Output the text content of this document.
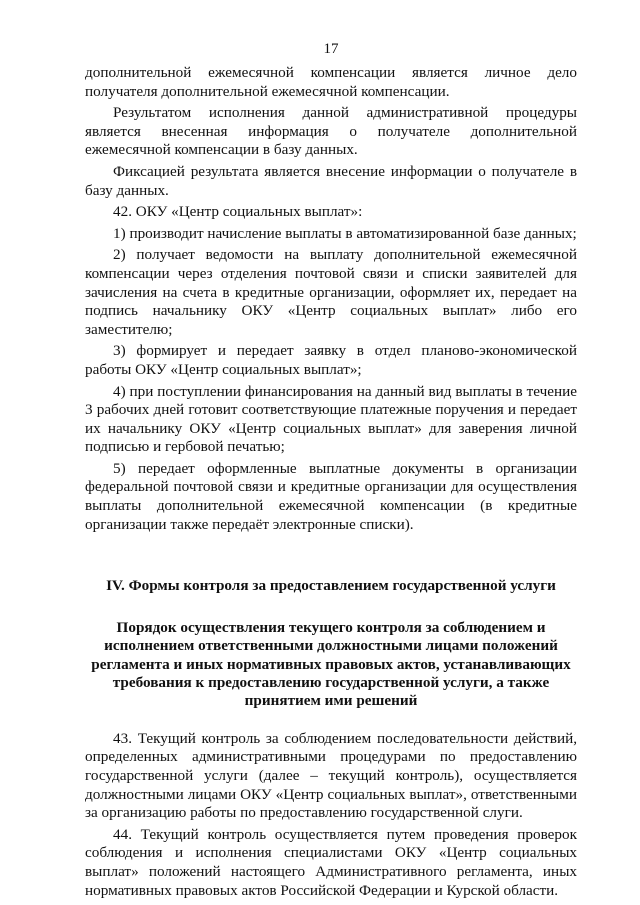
17

дополнительной ежемесячной компенсации является личное дело получателя дополнительной ежемесячной компенсации.

Результатом исполнения данной административной процедуры является внесенная информация о получателе дополнительной ежемесячной компенсации в базу данных.

Фиксацией результата является внесение информации о получателе в базу данных.

42. ОКУ «Центр социальных выплат»:

1) производит начисление выплаты в автоматизированной базе данных;

2) получает ведомости на выплату дополнительной ежемесячной компенсации через отделения почтовой связи и списки заявителей для зачисления на счета в кредитные организации, оформляет их, передает на подпись начальнику ОКУ «Центр социальных выплат» либо его заместителю;

3) формирует и передает заявку в отдел планово-экономической работы ОКУ «Центр социальных выплат»;

4) при поступлении финансирования на данный вид выплаты в течение 3 рабочих дней готовит соответствующие платежные поручения и передает их начальнику ОКУ «Центр социальных выплат» для заверения личной подписью и гербовой печатью;

5) передает оформленные выплатные документы в организации федеральной почтовой связи и кредитные организации для осуществления выплаты дополнительной ежемесячной компенсации (в кредитные организации также передаёт электронные списки).

IV. Формы контроля за предоставлением государственной услуги
Порядок осуществления текущего контроля за соблюдением и
исполнением ответственными должностными лицами положений
регламента и иных нормативных правовых актов, устанавливающих
требования к предоставлению государственной услуги, а также
принятием ими решений

43. Текущий контроль за соблюдением последовательности действий, определенных административными процедурами по предоставлению государственной услуги (далее – текущий контроль), осуществляется должностными лицами ОКУ «Центр социальных выплат», ответственными за организацию работы по предоставлению государственной слуги.

44. Текущий контроль осуществляется путем проведения проверок соблюдения и исполнения специалистами ОКУ «Центр социальных выплат» положений настоящего Административного регламента, иных нормативных правовых актов Российской Федерации и Курской области.
